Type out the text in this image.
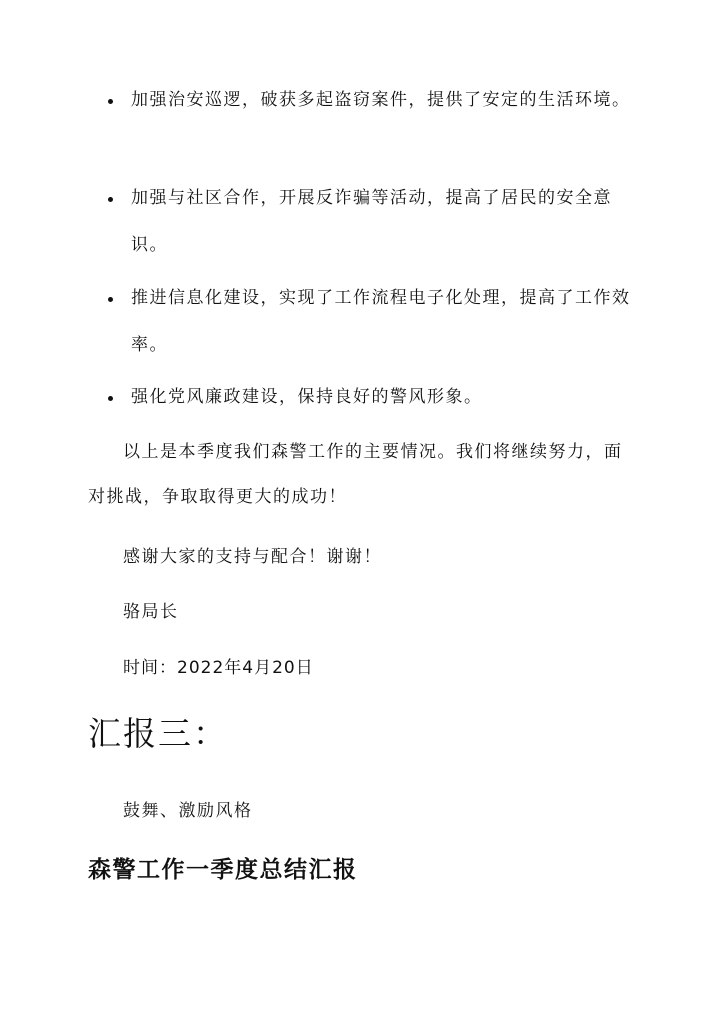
加强治安巡逻，破获多起盗窃案件，提供了安定的生活环境。
加强与社区合作，开展反诈骗等活动，提高了居民的安全意识。
推进信息化建设，实现了工作流程电子化处理，提高了工作效率。
强化党风廉政建设，保持良好的警风形象。

以上是本季度我们森警工作的主要情况。我们将继续努力，面对挑战，争取取得更大的成功！

感谢大家的支持与配合！谢谢！

骆局长

时间：2022年4月20日

汇报三：

鼓舞、激励风格

森警工作一季度总结汇报
